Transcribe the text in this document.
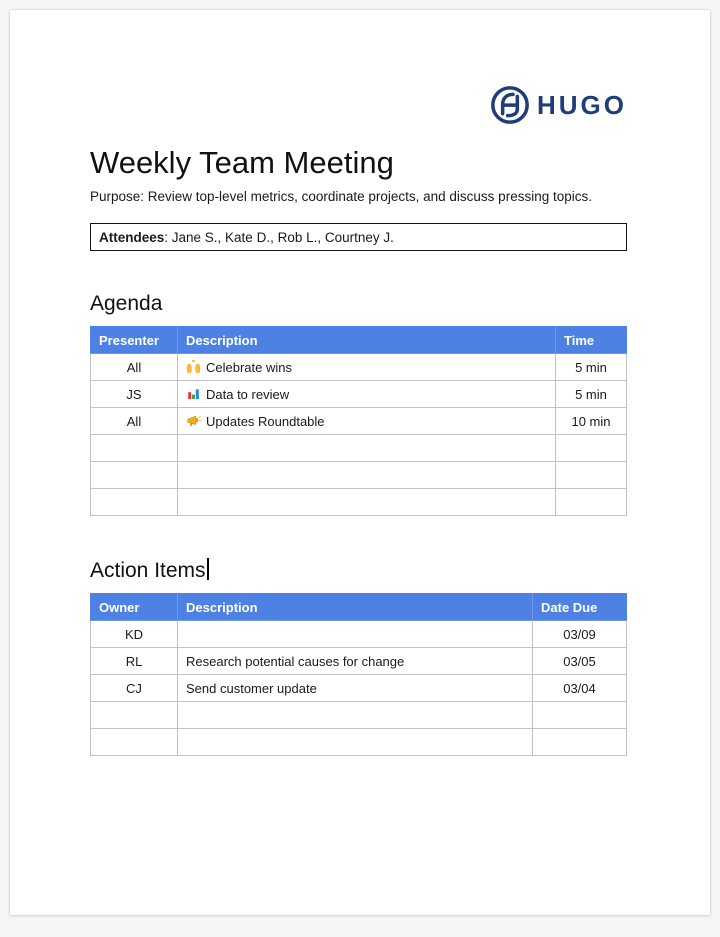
HUGO
Weekly Team Meeting

Purpose: Review top-level metrics, coordinate projects, and discuss pressing topics.

Attendees: Jane S., Kate D., Rob L., Courtney J.
Agenda
Presenter	Description	Time
All	Celebrate wins	5 min
JS	Data to review	5 min
All	Updates Roundtable	10 min

Action Items
Owner	Description	Date Due
KD		03/09
RL	Research potential causes for change	03/05
CJ	Send customer update	03/04
